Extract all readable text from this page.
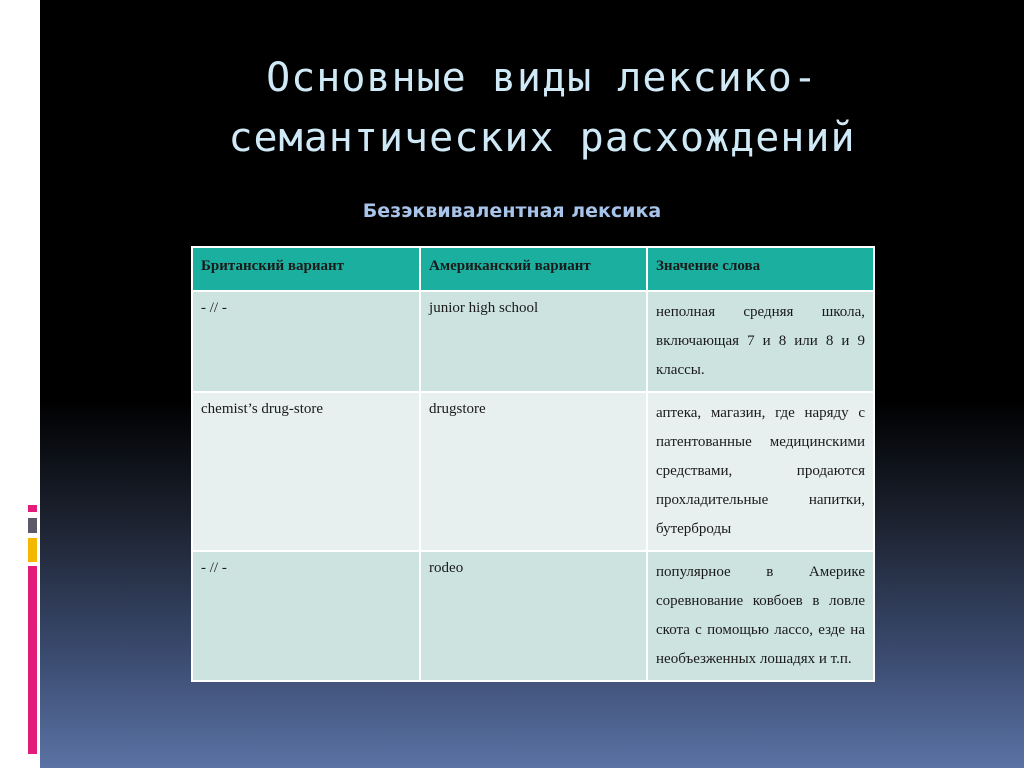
Основные виды лексико-
семантических расхождений
Безэквивалентная лексика
Британский вариант	Американский вариант	Значение слова
- // -	junior high school	неполная средняя школа, включающая 7 и 8 или 8 и 9 классы.
chemist’s drug-store	drugstore	аптека, магазин, где наряду с патентованные медицинскими средствами, продаются прохладительные напитки, бутерброды
- // -	rodeo	популярное в Америке соревнование ковбоев в ловле скота с помощью лассо, езде на необъезженных лошадях и т.п.
